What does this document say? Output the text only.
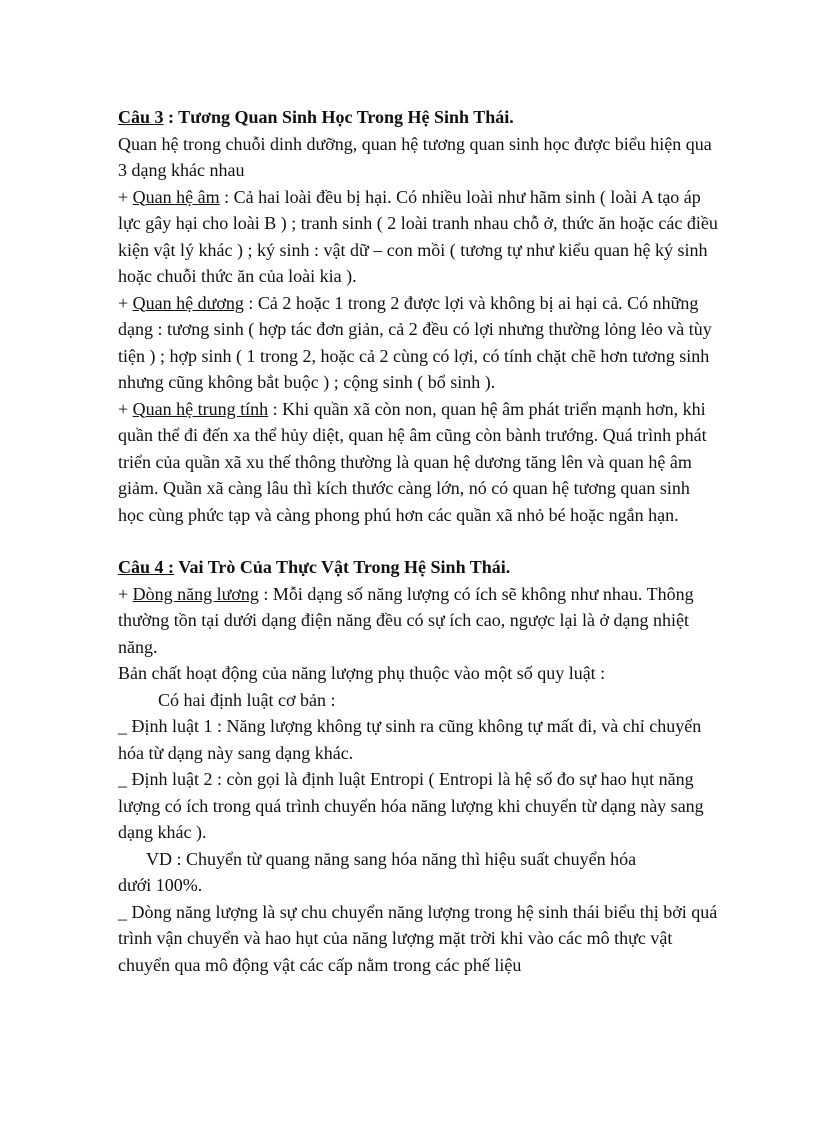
Câu 3 : Tương Quan Sinh Học Trong Hệ Sinh Thái.

Quan hệ trong chuỗi dinh dưỡng, quan hệ tương quan sinh học được biểu hiện qua 3 dạng khác nhau

+ Quan hệ âm : Cả hai loài đều bị hại. Có nhiều loài như hãm sinh ( loài A tạo áp lực gây hại cho loài B ) ; tranh sinh ( 2 loài tranh nhau chỗ ở, thức ăn hoặc các điều kiện vật lý khác ) ; ký sinh : vật dữ – con mồi ( tương tự như kiểu quan hệ ký sinh hoặc chuỗi thức ăn của loài kia ).

+ Quan hệ dương : Cả 2 hoặc 1 trong 2 được lợi và không bị ai hại cả. Có những dạng : tương sinh ( hợp tác đơn giản, cả 2 đều có lợi nhưng thường lỏng lẻo và tùy tiện ) ; hợp sinh ( 1 trong 2, hoặc cả 2 cùng có lợi, có tính chặt chẽ hơn tương sinh nhưng cũng không bắt buộc ) ; cộng sinh ( bổ sinh ).

+ Quan hệ trung tính : Khi quần xã còn non, quan hệ âm phát triển mạnh hơn, khi quần thể đi đến xa thể hủy diệt, quan hệ âm cũng còn bành trướng. Quá trình phát triển của quần xã xu thế thông thường là quan hệ dương tăng lên và quan hệ âm giảm. Quần xã càng lâu thì kích thước càng lớn, nó có quan hệ tương quan sinh học cùng phức tạp và càng phong phú hơn các quần xã nhỏ bé hoặc ngắn hạn.

Câu 4 : Vai Trò Của Thực Vật Trong Hệ Sinh Thái.

+ Dòng năng lương : Mỗi dạng số năng lượng có ích sẽ không như nhau. Thông thường tồn tại dưới dạng điện năng đều có sự ích cao, ngược lại là ở dạng nhiệt năng.

Bản chất hoạt động của năng lượng phụ thuộc vào một số quy luật :

Có hai định luật cơ bản :

_ Định luật 1 : Năng lượng không tự sinh ra cũng không tự mất đi, và chỉ chuyển hóa từ dạng này sang dạng khác.

_ Định luật 2 : còn gọi là định luật Entropi ( Entropi là hệ số đo sự hao hụt năng lượng có ích trong quá trình chuyển hóa năng lượng khi chuyển từ dạng này sang dạng khác ).

VD : Chuyển từ quang năng sang hóa năng thì hiệu suất chuyển hóa

dưới 100%.

_ Dòng năng lượng là sự chu chuyển năng lượng trong hệ sinh thái biểu thị bởi quá trình vận chuyển và hao hụt của năng lượng mặt trời khi vào các mô thực vật chuyển qua mô động vật các cấp nằm trong các phế liệu
